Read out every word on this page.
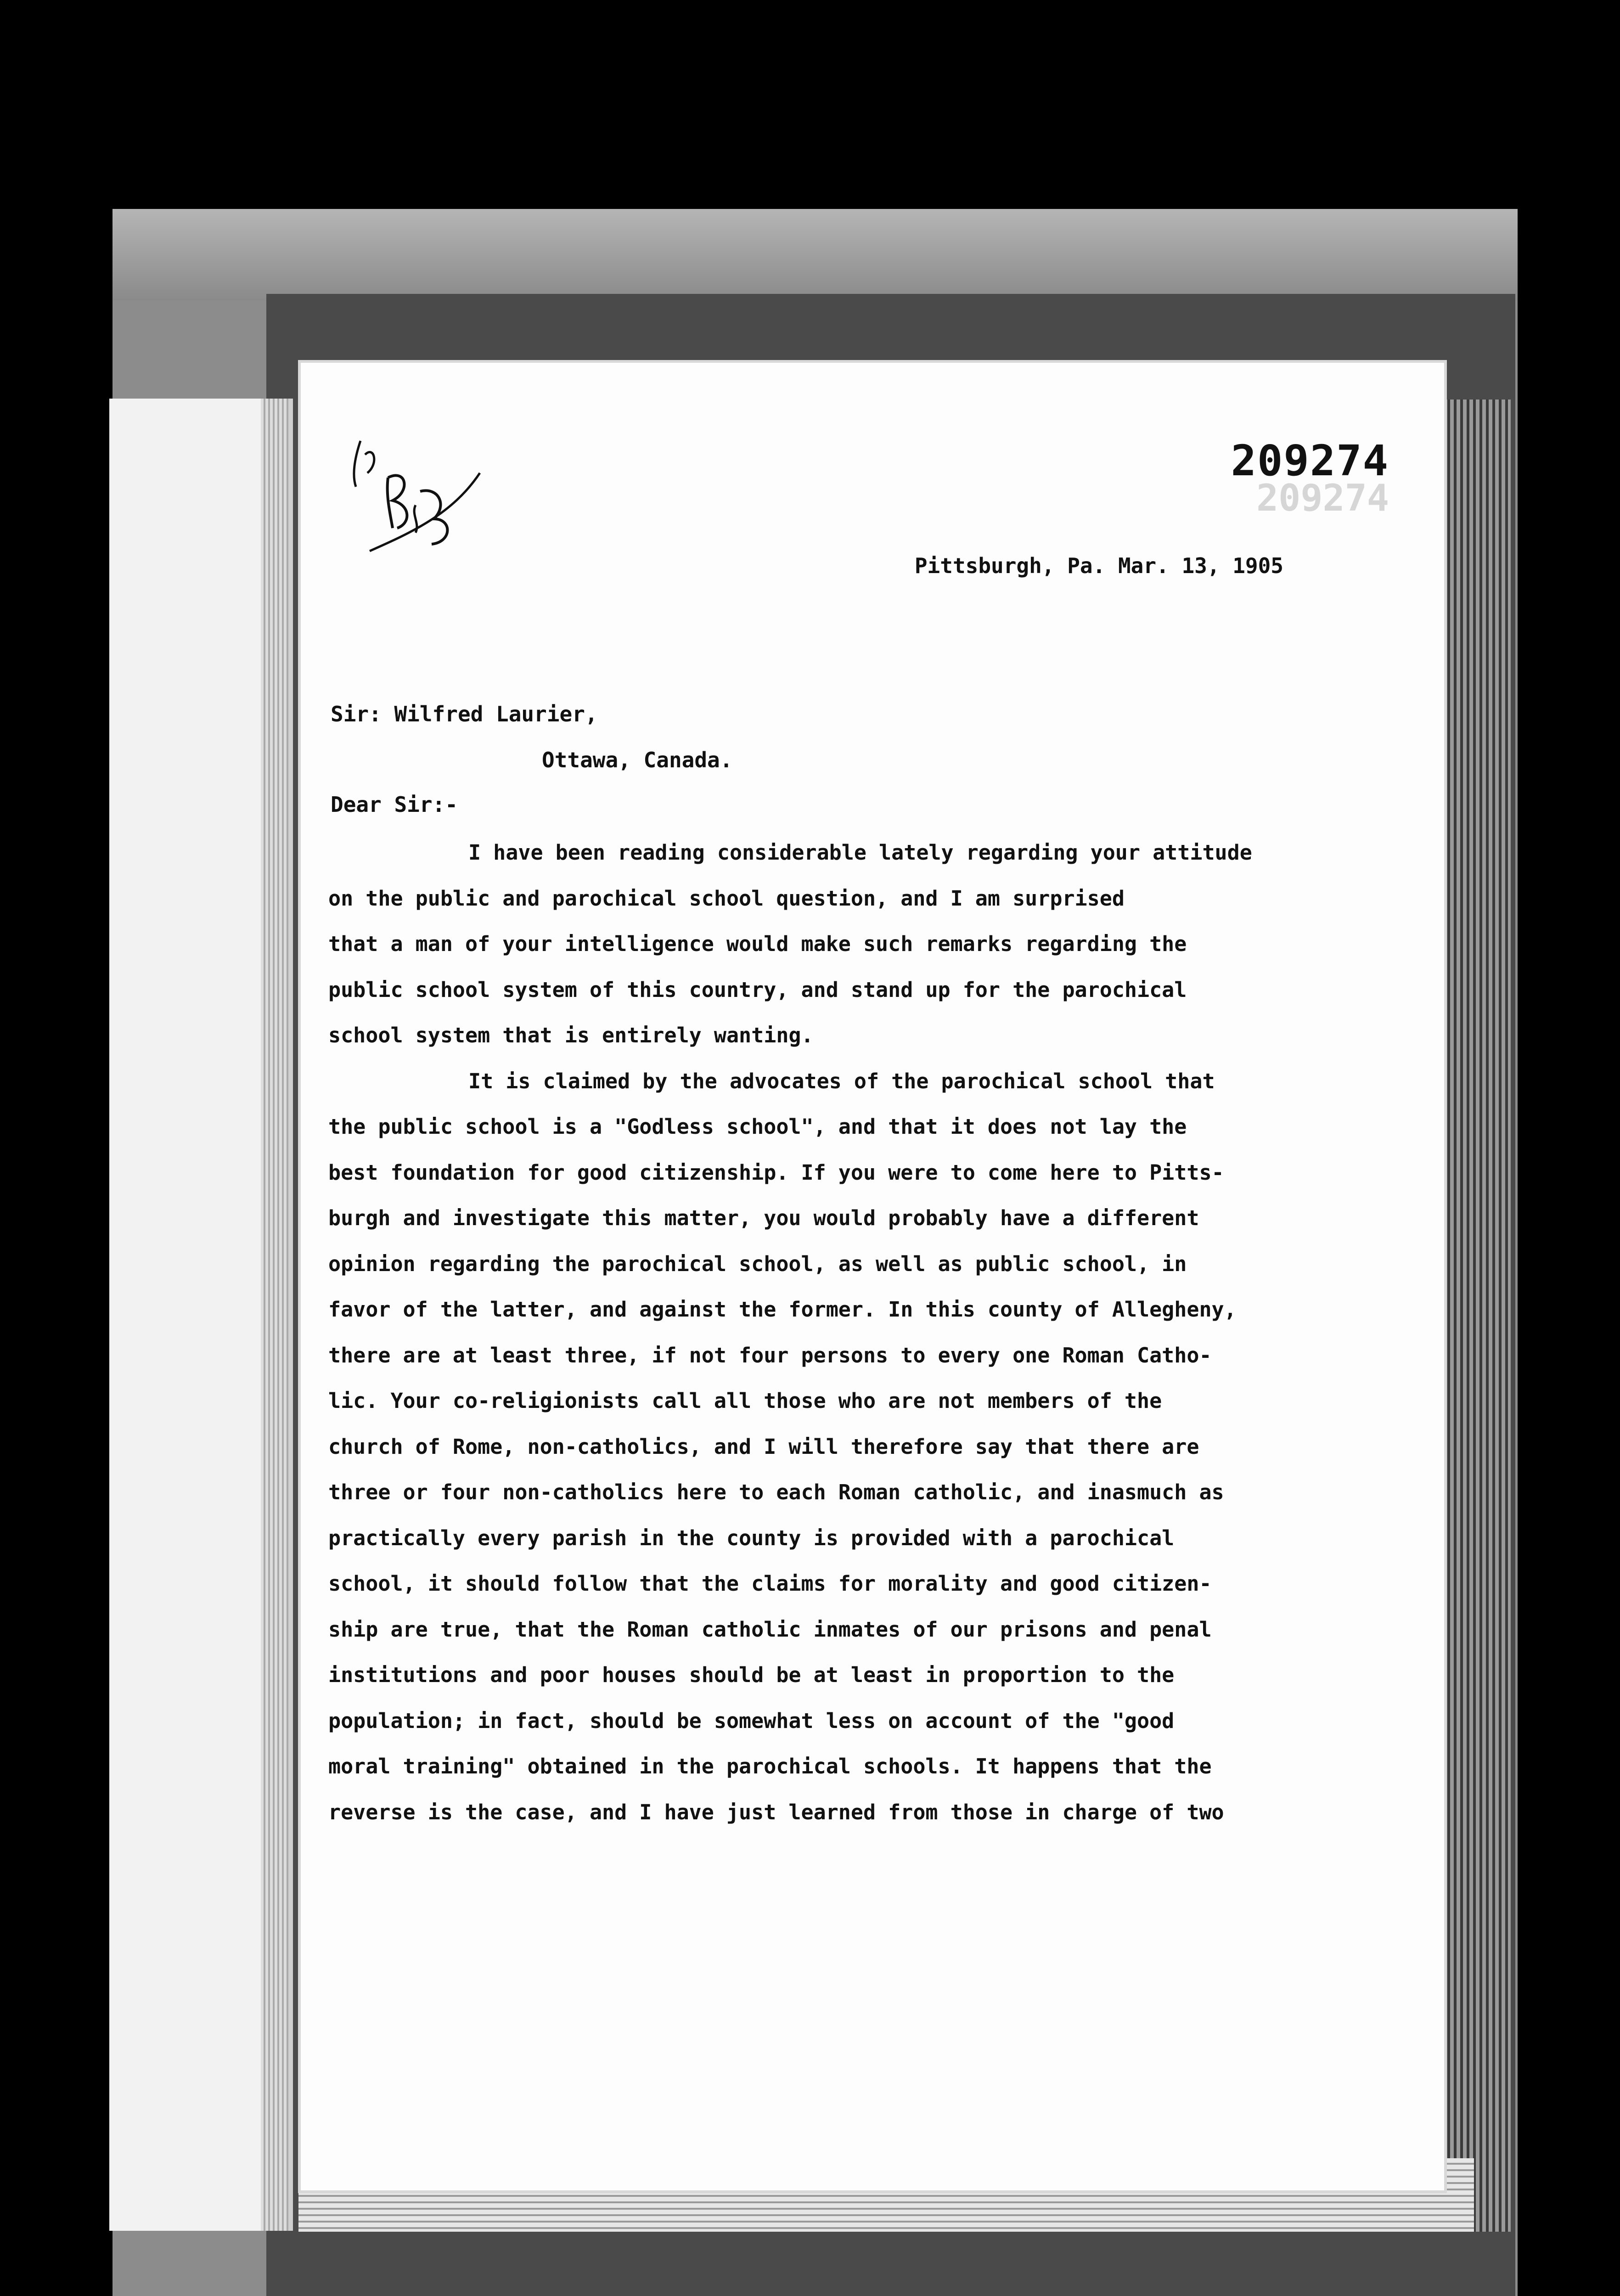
209274
209274
Pittsburgh, Pa. Mar. 13, 1905
Sir: Wilfred Laurier,
Ottawa, Canada.
Dear Sir:-

I have been reading considerable lately regarding your attitude
on the public and parochical school question, and I am surprised
that a man of your intelligence would make such remarks regarding the
public school system of this country, and stand up for the parochical
school system that is entirely wanting.

It is claimed by the advocates of the parochical school that
the public school is a "Godless school", and that it does not lay the
best foundation for good citizenship. If you were to come here to Pitts-
burgh and investigate this matter, you would probably have a different
opinion regarding the parochical school, as well as public school, in
favor of the latter, and against the former. In this county of Allegheny,
there are at least three, if not four persons to every one Roman Catho-
lic. Your co-religionists call all those who are not members of the
church of Rome, non-catholics, and I will therefore say that there are
three or four non-catholics here to each Roman catholic, and inasmuch as
practically every parish in the county is provided with a parochical
school, it should follow that the claims for morality and good citizen-
ship are true, that the Roman catholic inmates of our prisons and penal
institutions and poor houses should be at least in proportion to the
population; in fact, should be somewhat less on account of the "good
moral training" obtained in the parochical schools. It happens that the
reverse is the case, and I have just learned from those in charge of two
